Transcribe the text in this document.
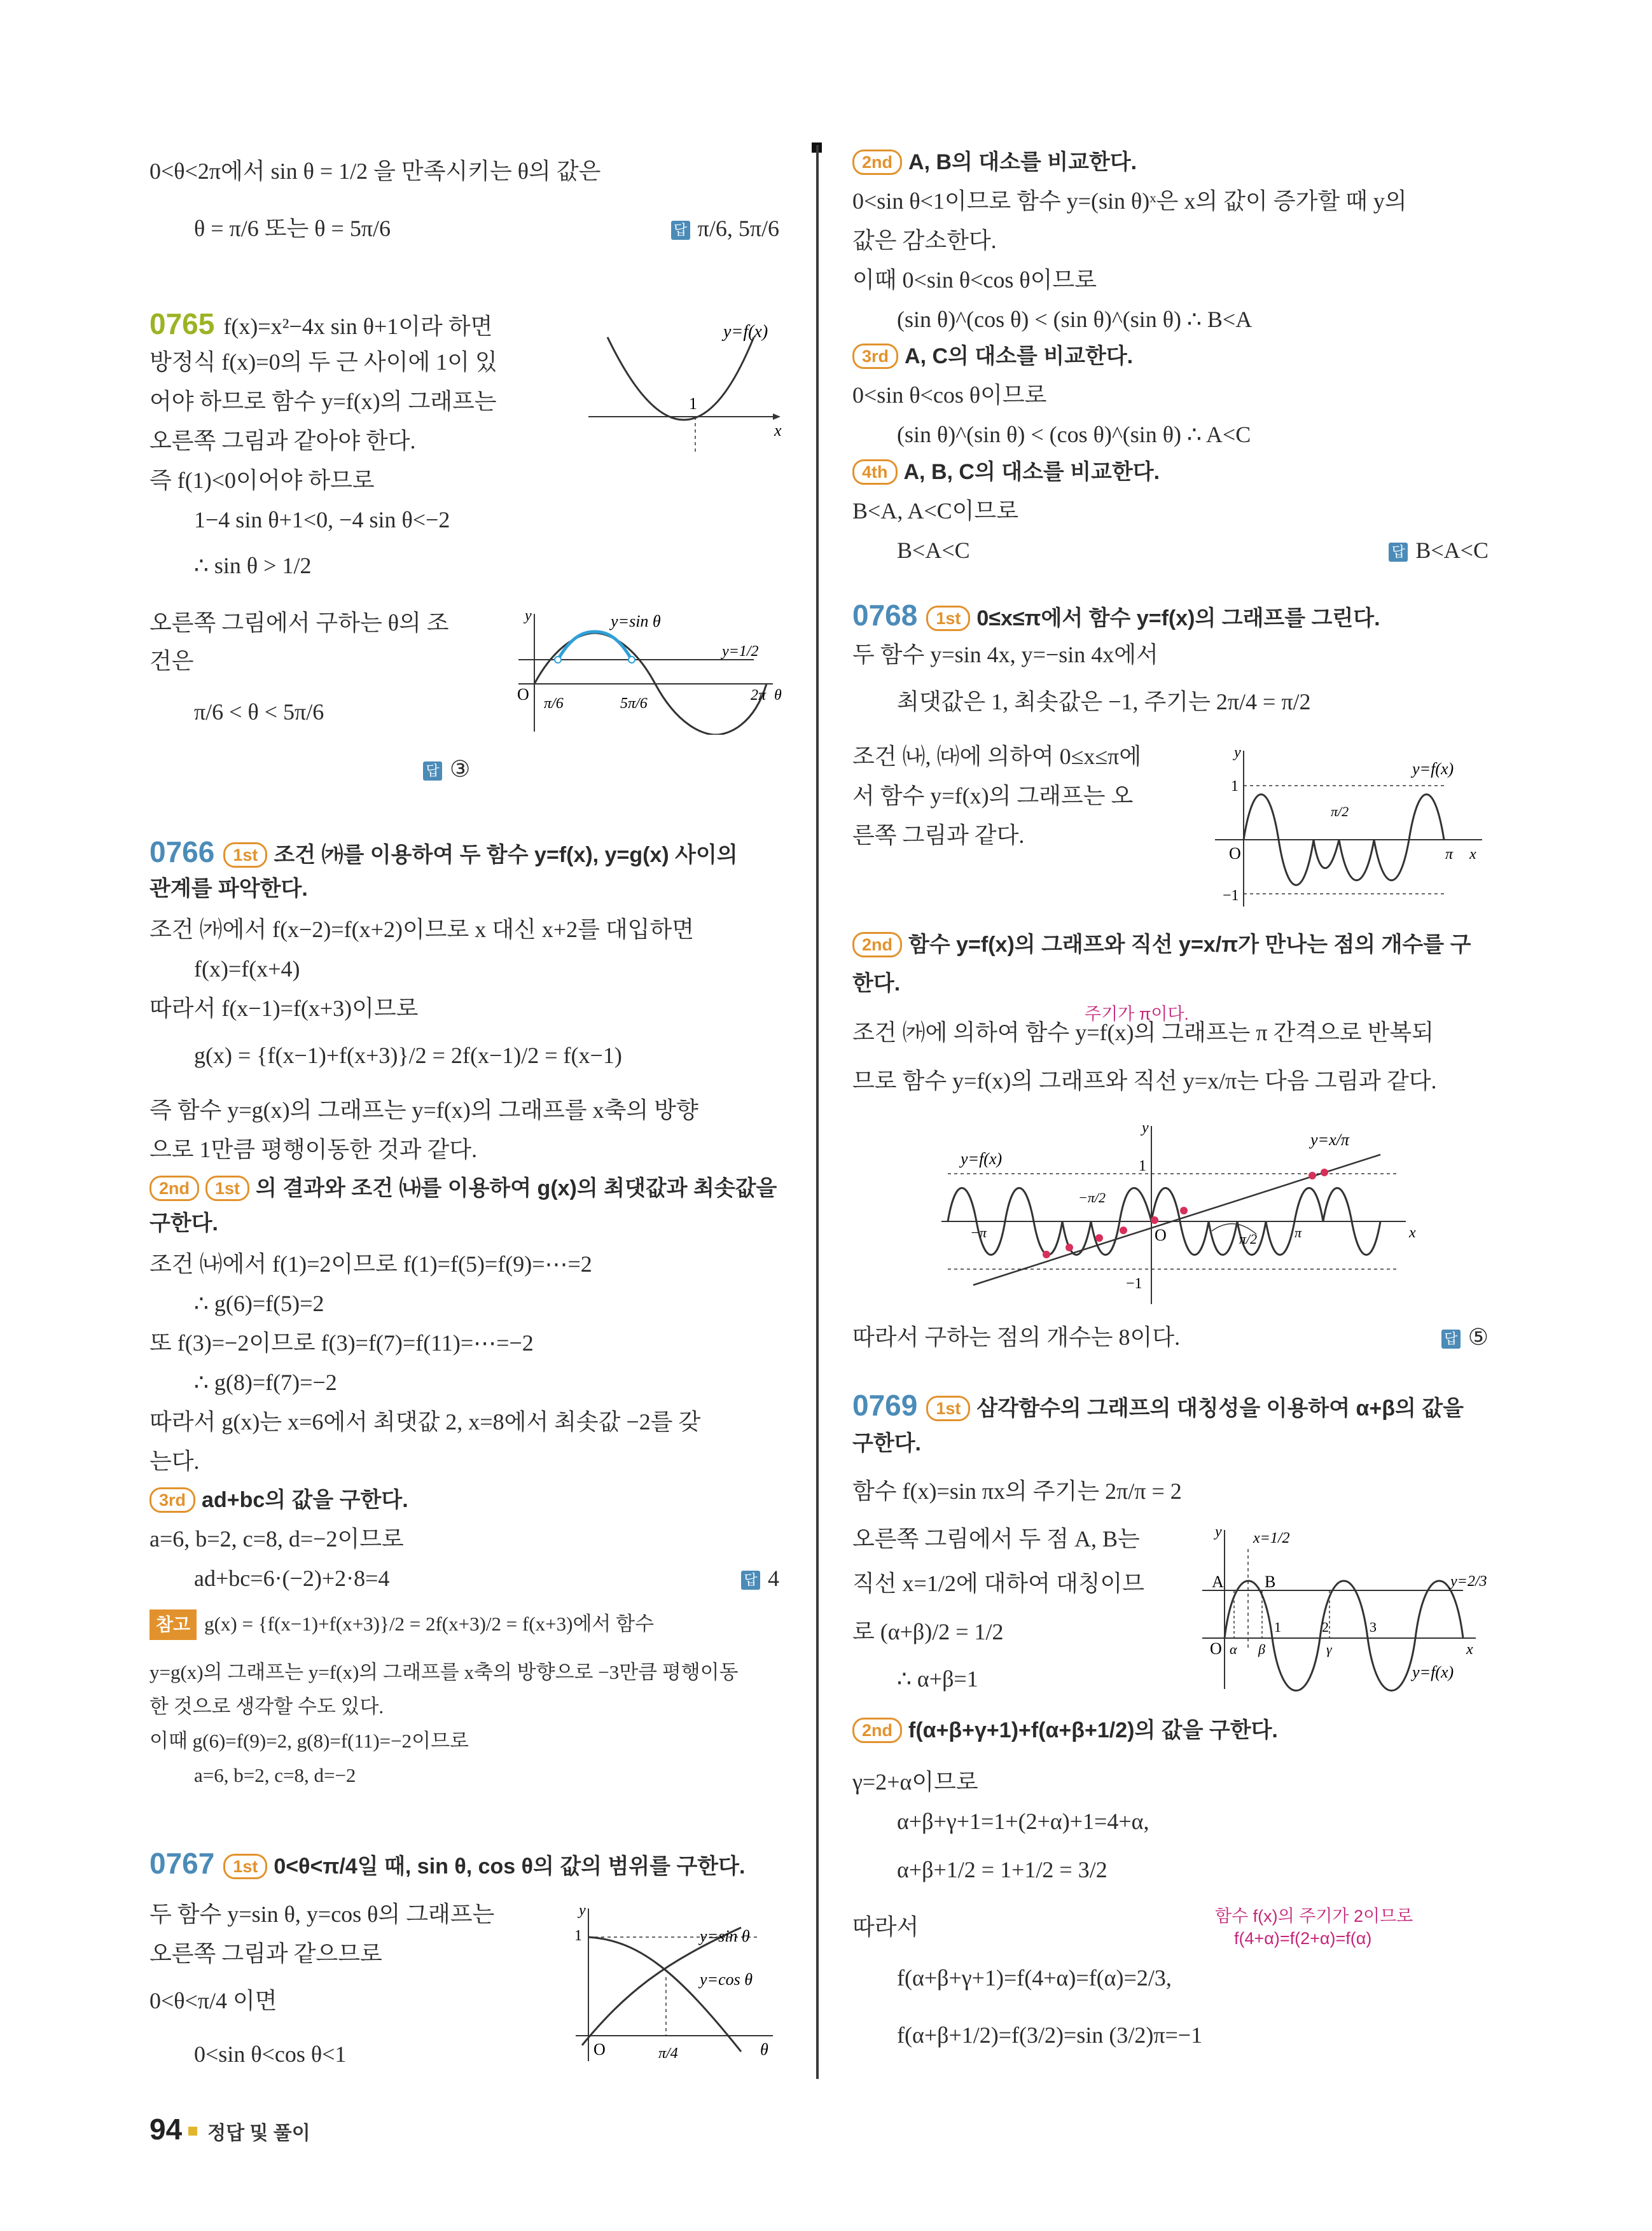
0<θ<2π에서 sin θ = 1/2 을 만족시키는 θ의 값은
θ = π/6 또는 θ = 5π/6	답 π/6, 5π/6
0765 f(x)=x²−4x sin θ+1이라 하면
방정식 f(x)=0의 두 근 사이에 1이 있
어야 하므로 함수 y=f(x)의 그래프는
오른쪽 그림과 같아야 한다.
즉 f(1)<0이어야 하므로
1−4 sin θ+1<0, −4 sin θ<−2
∴ sin θ > 1/2
오른쪽 그림에서 구하는 θ의 조
건은
π/6 < θ < 5π/6
답 ③
y=f(x)
1
x
y	y=sin θ
y=1/2
O π/6	5π/6	2π θ
0766 1st 조건 ㈎를 이용하여 두 함수 y=f(x), y=g(x) 사이의
관계를 파악한다.
조건 ㈎에서 f(x−2)=f(x+2)이므로 x 대신 x+2를 대입하면
f(x)=f(x+4)
따라서 f(x−1)=f(x+3)이므로
g(x) = {f(x−1)+f(x+3)}/2 = 2f(x−1)/2 = f(x−1)
즉 함수 y=g(x)의 그래프는 y=f(x)의 그래프를 x축의 방향
으로 1만큼 평행이동한 것과 같다.
2nd 1st 의 결과와 조건 ㈏를 이용하여 g(x)의 최댓값과 최솟값을
구한다.
조건 ㈏에서 f(1)=2이므로 f(1)=f(5)=f(9)=⋯=2
∴ g(6)=f(5)=2
또 f(3)=−2이므로 f(3)=f(7)=f(11)=⋯=−2
∴ g(8)=f(7)=−2
따라서 g(x)는 x=6에서 최댓값 2, x=8에서 최솟값 −2를 갖
는다.
3rd ad+bc의 값을 구한다.
a=6, b=2, c=8, d=−2이므로
ad+bc=6·(−2)+2·8=4	답 4
참고 g(x) = {f(x−1)+f(x+3)}/2 = 2f(x+3)/2 = f(x+3)에서 함수
y=g(x)의 그래프는 y=f(x)의 그래프를 x축의 방향으로 −3만큼 평행이동
한 것으로 생각할 수도 있다.
이때 g(6)=f(9)=2, g(8)=f(11)=−2이므로
a=6, b=2, c=8, d=−2
0767 1st 0<θ<π/4일 때, sin θ, cos θ의 값의 범위를 구한다.
두 함수 y=sin θ, y=cos θ의 그래프는
오른쪽 그림과 같으므로
0<θ<π/4 이면
0<sin θ<cos θ<1
y
1	y=sin θ
y=cos θ
O	π/4	θ
2nd A, B의 대소를 비교한다.
0<sin θ<1이므로 함수 y=(sin θ)ˣ은 x의 값이 증가할 때 y의
값은 감소한다.
이때 0<sin θ<cos θ이므로
(sin θ)^(cos θ) < (sin θ)^(sin θ) ∴ B<A
3rd A, C의 대소를 비교한다.
0<sin θ<cos θ이므로
(sin θ)^(sin θ) < (cos θ)^(sin θ) ∴ A<C
4th A, B, C의 대소를 비교한다.
B<A, A<C이므로
B<A<C	답 B<A<C
0768 1st 0≤x≤π에서 함수 y=f(x)의 그래프를 그린다.
두 함수 y=sin 4x, y=−sin 4x에서
최댓값은 1, 최솟값은 −1, 주기는 2π/4 = π/2
조건 ㈏, ㈐에 의하여 0≤x≤π에
서 함수 y=f(x)의 그래프는 오
른쪽 그림과 같다.
y
y=f(x)
1
π/2
O	π x
−1
2nd 함수 y=f(x)의 그래프와 직선 y=x/π가 만나는 점의 개수를 구
한다.
주기가 π이다.
조건 ㈎에 의하여 함수 y=f(x)의 그래프는 π 간격으로 반복되
므로 함수 y=f(x)의 그래프와 직선 y=x/π는 다음 그림과 같다.
y
y=f(x)
y=x/π
1
−π/2
−π	O	π/2	π	x
−1
따라서 구하는 점의 개수는 8이다.	답 ⑤
0769 1st 삼각함수의 그래프의 대칭성을 이용하여 α+β의 값을
구한다.
함수 f(x)=sin πx의 주기는 2π/π = 2
오른쪽 그림에서 두 점 A, B는
직선 x=1/2에 대하여 대칭이므
로 (α+β)/2 = 1/2
∴ α+β=1
y x=1/2
A B
1	2	3
y=2/3
O α β	γ	x
y=f(x)
2nd f(α+β+γ+1)+f(α+β+1/2)의 값을 구한다.
γ=2+α이므로
α+β+γ+1=1+(2+α)+1=4+α,
α+β+1/2 = 1+1/2 = 3/2
따라서	함수 f(x)의 주기가 2이므로
f(4+α)=f(2+α)=f(α)
f(α+β+γ+1)=f(4+α)=f(α)=2/3,
f(α+β+1/2)=f(3/2)=sin (3/2)π=−1
94 정답 및 풀이
